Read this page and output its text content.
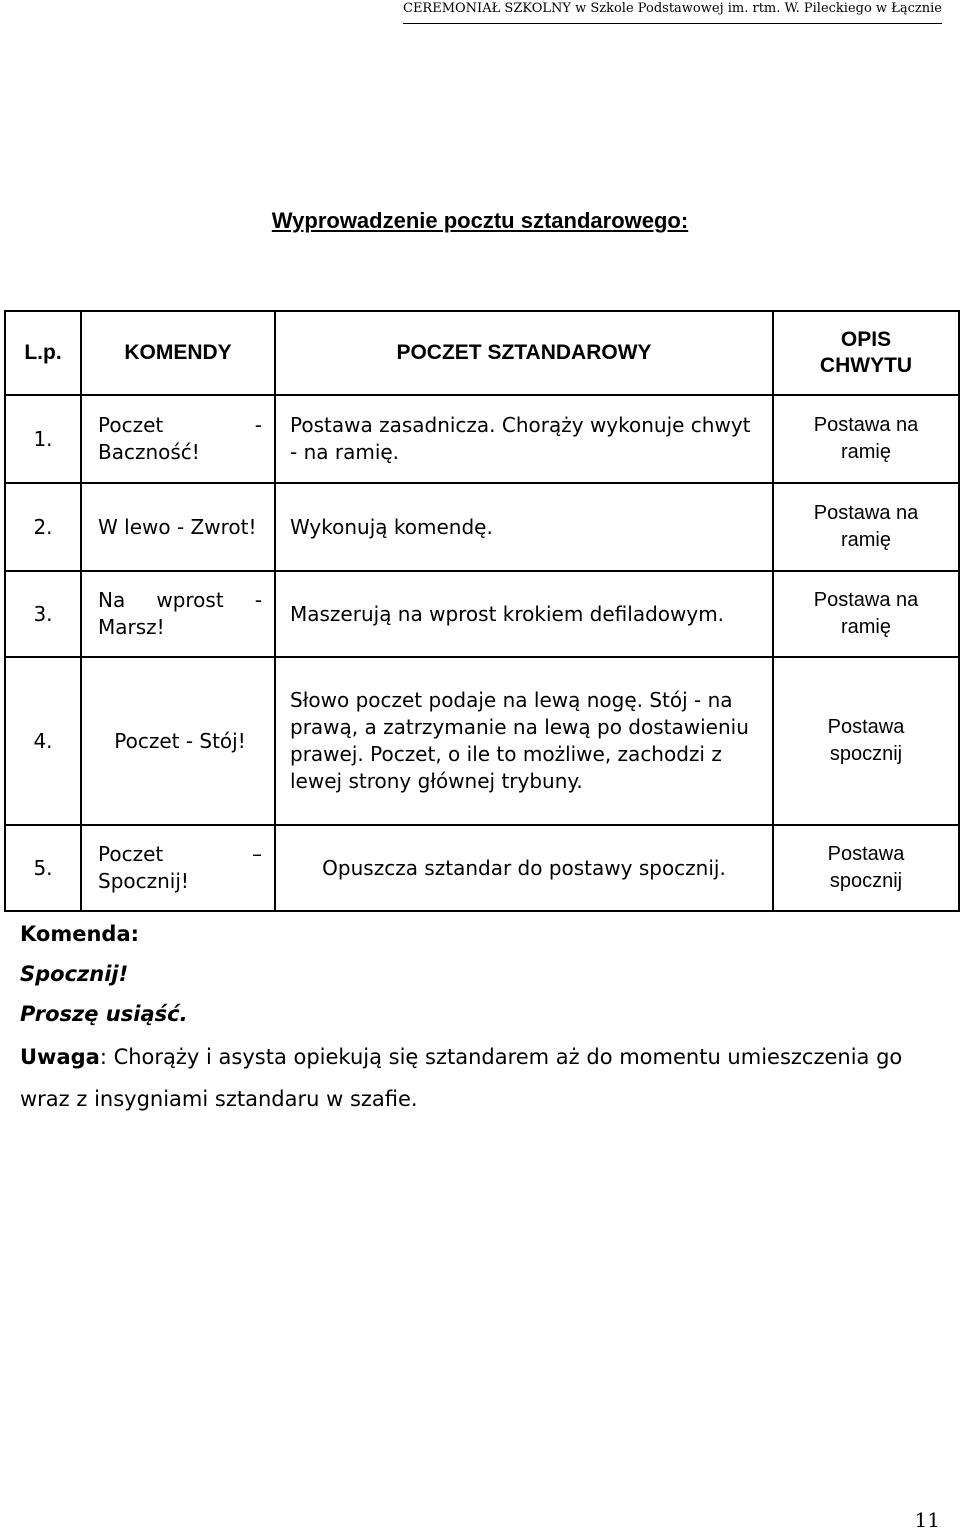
CEREMONIAŁ SZKOLNY w Szkole Podstawowej im. rtm. W. Pileckiego w Łącznie
Wyprowadzenie pocztu sztandarowego:
L.p.	KOMENDY	POCZET SZTANDAROWY	OPIS CHWYTU
1.	Poczet - Baczność!	Postawa zasadnicza. Chorąży wykonuje chwyt - na ramię.	Postawa na ramię
2.	W lewo - Zwrot!	Wykonują komendę.	Postawa na ramię
3.	Na wprost - Marsz!	Maszerują na wprost krokiem defiladowym.	Postawa na ramię
4.	Poczet - Stój!	Słowo poczet podaje na lewą nogę. Stój - na prawą, a zatrzymanie na lewą po dostawieniu prawej. Poczet, o ile to możliwe, zachodzi z lewej strony głównej trybuny.	Postawa spocznij
5.	Poczet – Spocznij!	Opuszcza sztandar do postawy spocznij.	Postawa spocznij
Komenda:
Spocznij!
Proszę usiąść.
Uwaga: Chorąży i asysta opiekują się sztandarem aż do momentu umieszczenia go wraz z insygniami sztandaru w szafie.
11
